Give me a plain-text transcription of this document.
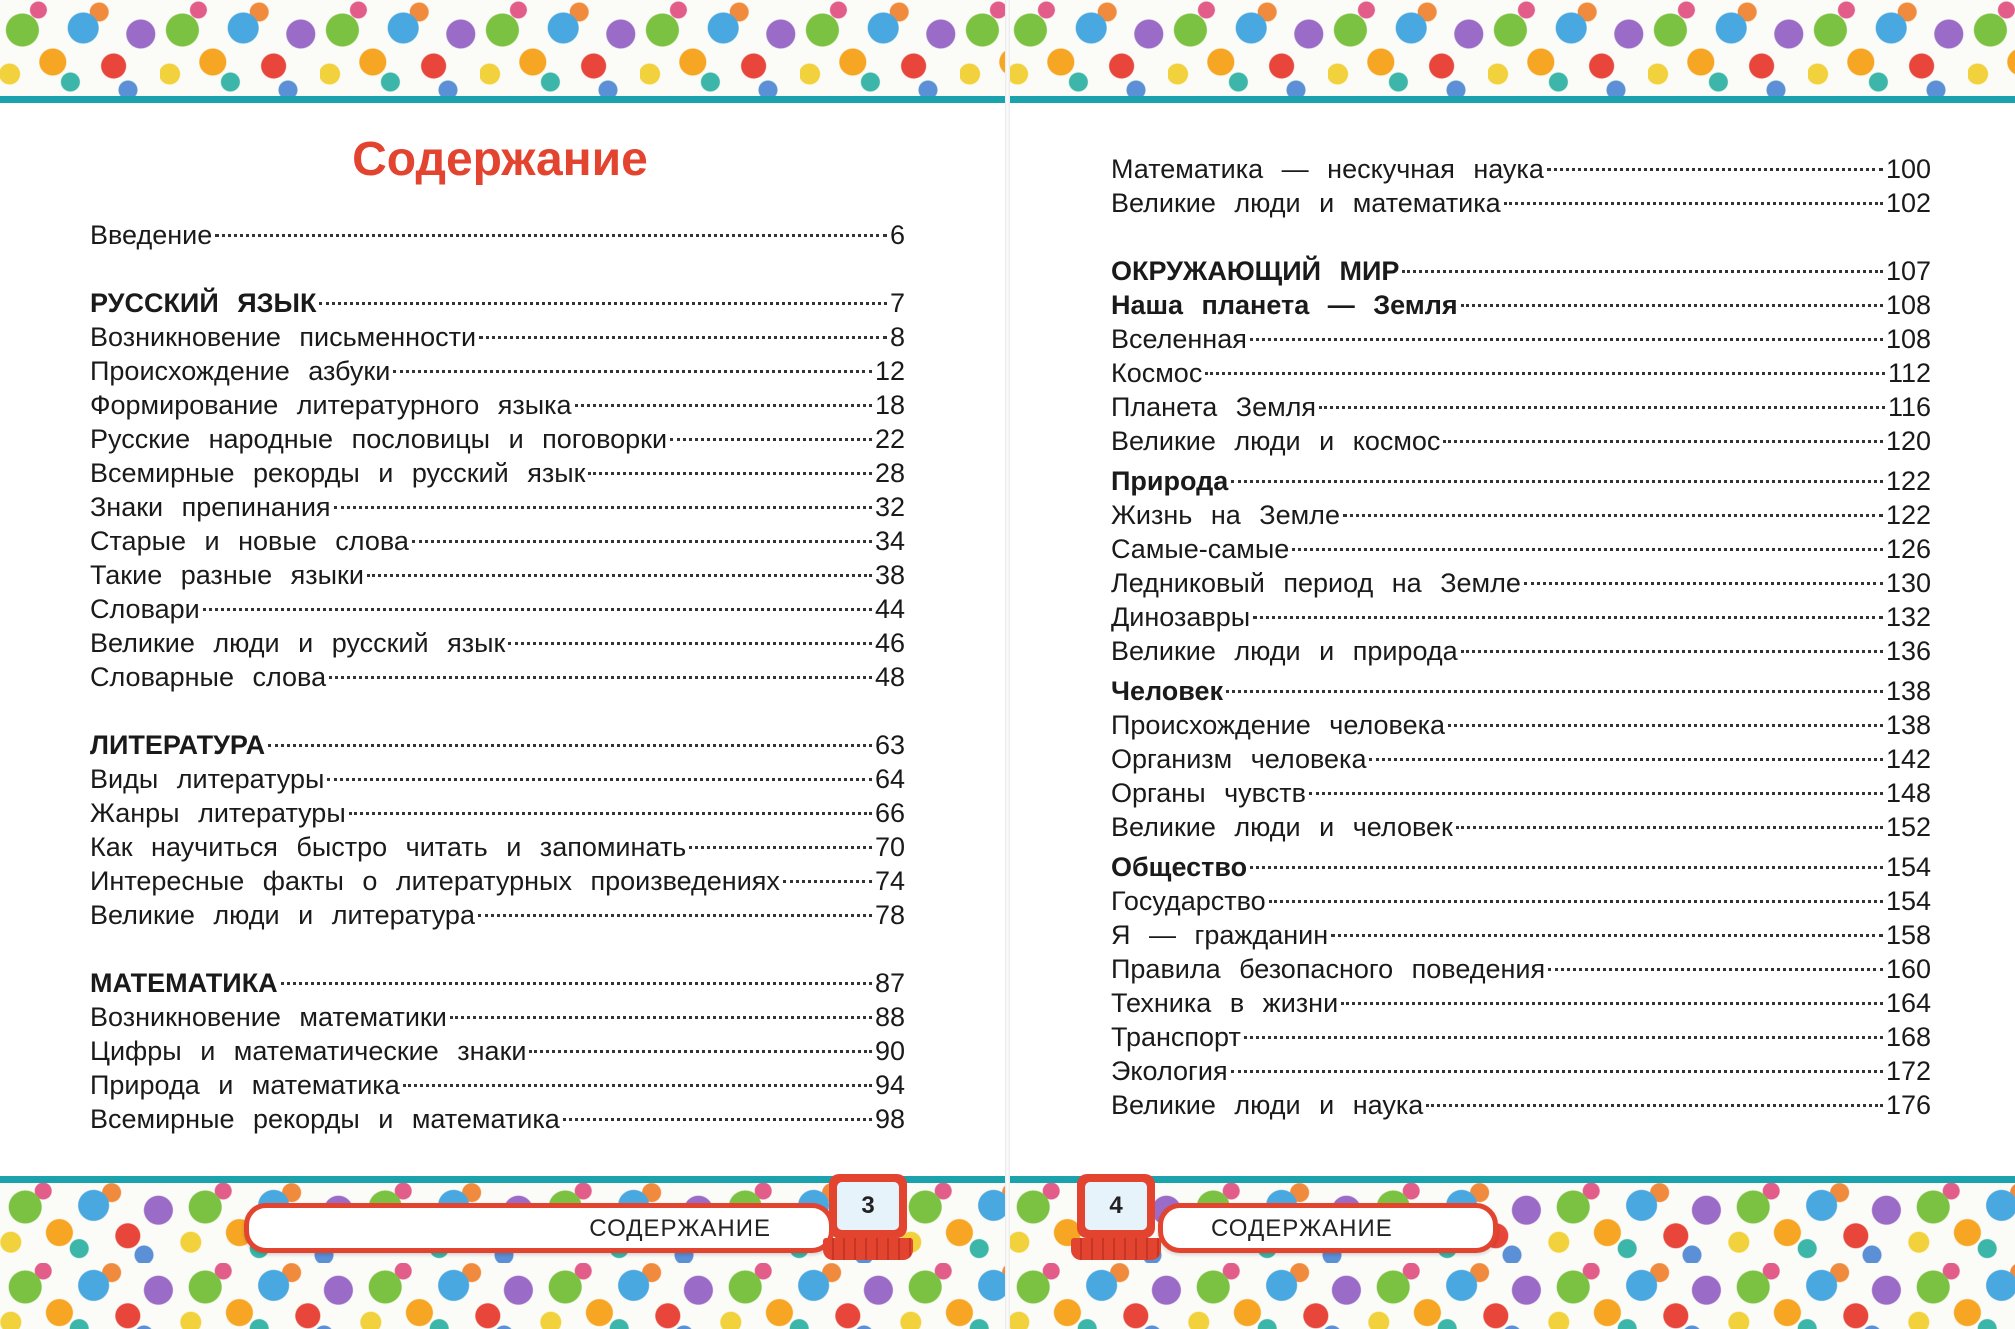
Содержание
Введение	6
РУССКИЙ ЯЗЫК	7
Возникновение письменности	8
Происхождение азбуки	12
Формирование литературного языка	18
Русские народные пословицы и поговорки	22
Всемирные рекорды и русский язык	28
Знаки препинания	32
Старые и новые слова	34
Такие разные языки	38
Словари	44
Великие люди и русский язык	46
Словарные слова	48
ЛИТЕРАТУРА	63
Виды литературы	64
Жанры литературы	66
Как научиться быстро читать и запоминать	70
Интересные факты о литературных произведениях	74
Великие люди и литература	78
МАТЕМАТИКА	87
Возникновение математики	88
Цифры и математические знаки	90
Природа и математика	94
Всемирные рекорды и математика	98
СОДЕРЖАНИЕ
3
Математика — нескучная наука	100
Великие люди и математика	102
ОКРУЖАЮЩИЙ МИР	107
Наша планета — Земля	108
Вселенная	108
Космос	112
Планета Земля	116
Великие люди и космос	120
Природа	122
Жизнь на Земле	122
Самые-самые	126
Ледниковый период на Земле	130
Динозавры	132
Великие люди и природа	136
Человек	138
Происхождение человека	138
Организм человека	142
Органы чувств	148
Великие люди и человек	152
Общество	154
Государство	154
Я — гражданин	158
Правила безопасного поведения	160
Техника в жизни	164
Транспорт	168
Экология	172
Великие люди и наука	176
СОДЕРЖАНИЕ
4
